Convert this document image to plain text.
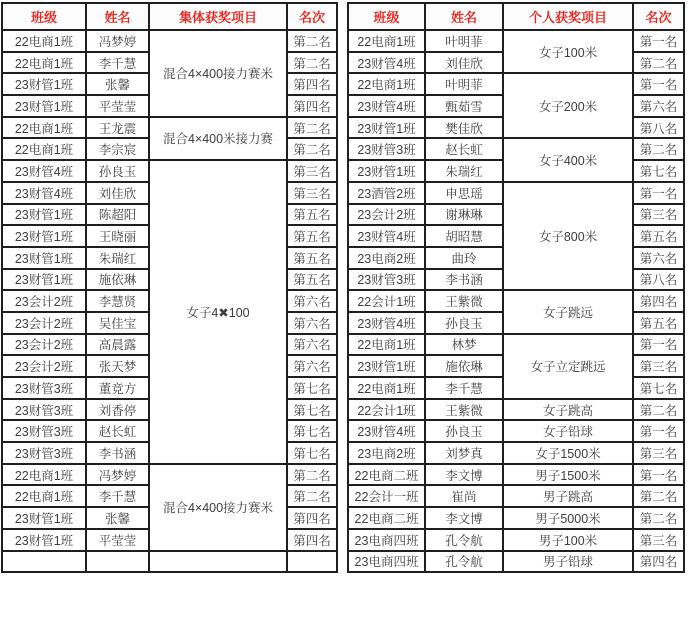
班级	姓名	集体获奖项目	名次
22电商1班	冯梦婷	混合4×400接力赛米	第二名
22电商1班	李千慧		第二名
23财管1班	张馨		第四名
23财管1班	平莹莹		第四名
22电商1班	王龙震	混合4×400米接力赛	第二名
22电商1班	李宗宸		第二名
23财管4班	孙良玉	女子4✖100	第三名
23财管4班	刘佳欣		第三名
23财管1班	陈超阳		第五名
23财管1班	王晓丽		第五名
23财管1班	朱瑞红		第五名
23财管1班	施依琳		第五名
23会计2班	李慧贤		第六名
23会计2班	吴佳宝		第六名
23会计2班	高晨露		第六名
23会计2班	张天梦		第六名
23财管3班	董竞方		第七名
23财管3班	刘香停		第七名
23财管3班	赵长虹		第七名
23财管3班	李书涵		第七名
22电商1班	冯梦婷	混合4×400接力赛米	第二名
22电商1班	李千慧		第二名
23财管1班	张馨		第四名
23财管1班	平莹莹		第四名

班级	姓名	个人获奖项目	名次
22电商1班	叶明菲	女子100米	第一名
23财管4班	刘佳欣		第二名
22电商1班	叶明菲	女子200米	第一名
23财管4班	甄茹雪		第六名
23财管1班	樊佳欣		第八名
23财管3班	赵长虹	女子400米	第二名
23财管1班	朱瑞红		第七名
23酒管2班	申思瑶	女子800米	第一名
23会计2班	谢琳琳		第三名
23财管4班	胡昭慧		第五名
23电商2班	曲玲		第六名
23财管3班	李书涵		第八名
22会计1班	王紫微	女子跳远	第四名
23财管4班	孙良玉		第五名
22电商1班	林梦	女子立定跳远	第一名
23财管1班	施依琳		第三名
22电商1班	李千慧		第七名
22会计1班	王紫微	女子跳高	第二名
23财管4班	孙良玉	女子铅球	第一名
23电商2班	刘梦真	女子1500米	第三名
22电商二班	李文博	男子1500米	第一名
22会计一班	崔尚	男子跳高	第二名
22电商二班	李文博	男子5000米	第二名
23电商四班	孔令航	男子100米	第三名
23电商四班	孔令航	男子铅球	第四名
